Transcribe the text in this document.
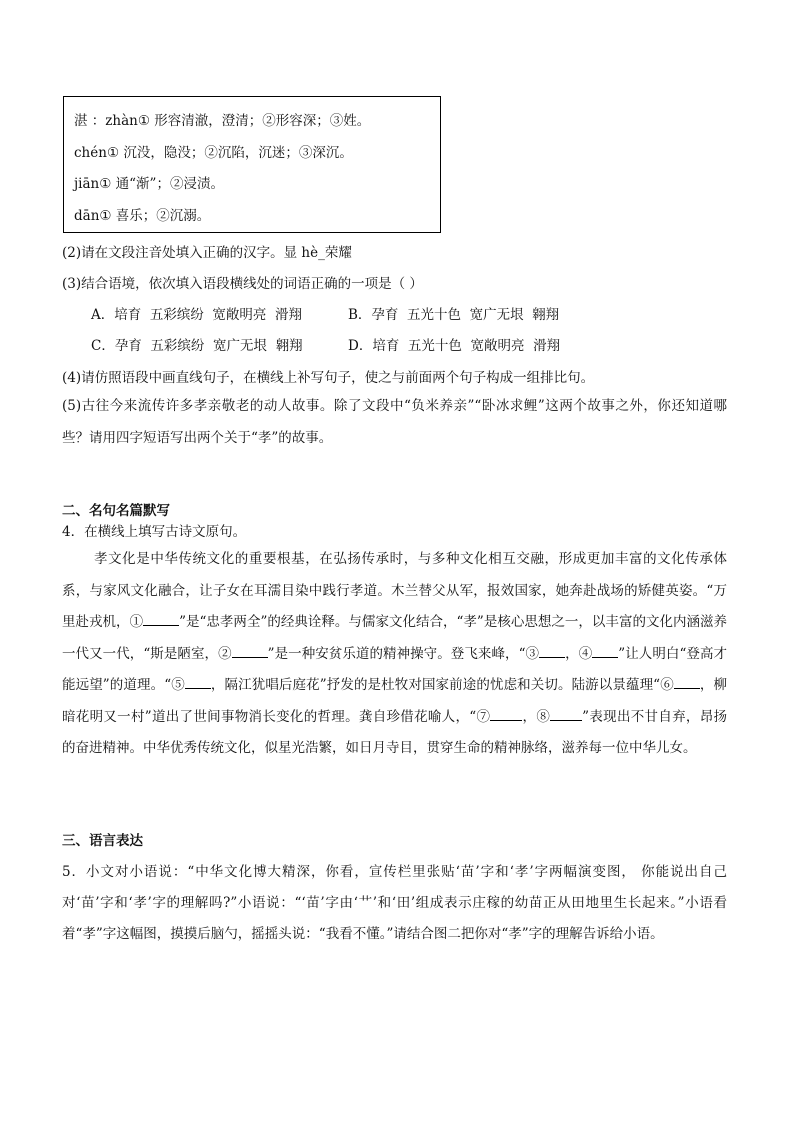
湛 ：zhàn① 形容清澈，澄清；②形容深；③姓。
chén① 沉没，隐没；②沉陷，沉迷；③深沉。
jiān① 通“渐”；②浸渍。
dān① 喜乐；②沉溺。
(2)请在文段注音处填入正确的汉字。显 hè_荣耀
(3)结合语境，依次填入语段横线处的词语正确的一项是（ ）
A．培育  五彩缤纷  宽敞明亮  滑翔	B．孕育  五光十色  宽广无垠  翱翔
C．孕育  五彩缤纷  宽广无垠  翱翔	D．培育  五光十色  宽敞明亮  滑翔
(4)请仿照语段中画直线句子，在横线上补写句子，使之与前面两个句子构成一组排比句。
(5)古往今来流传许多孝亲敬老的动人故事。除了文段中“负米养亲”“卧冰求鲤”这两个故事之外，你还知道哪些？请用四字短语写出两个关于“孝”的故事。
二、名句名篇默写
4．在横线上填写古诗文原句。
孝文化是中华传统文化的重要根基，在弘扬传承时，与多种文化相互交融，形成更加丰富的文化传承体系，与家风文化融合，让子女在耳濡目染中践行孝道。木兰替父从军，报效国家，她奔赴战场的矫健英姿。“万里赴戎机，①	”是“忠孝两全”的经典诠释。与儒家文化结合，“孝”是核心思想之一，以丰富的文化内涵滋养一代又一代，“斯是陋室，②	”是一种安贫乐道的精神操守。登飞来峰，“③ ，④ ”让人明白“登高才能远望”的道理。“⑤ ，隔江犹唱后庭花”抒发的是杜牧对国家前途的忧虑和关切。陆游以景蕴理“⑥ ，柳暗花明又一村”道出了世间事物消长变化的哲理。龚自珍借花喻人，“⑦ ，⑧ ”表现出不甘自弃，昂扬的奋进精神。中华优秀传统文化，似星光浩繁，如日月寺目，贯穿生命的精神脉络，滋养每一位中华儿女。
三、语言表达
5．小文对小语说：“中华文化博大精深，你看，宣传栏里张贴‘苗’字和‘孝’字两幅演变图， 你能说出自己对‘苗’字和‘孝’字的理解吗?”小语说：“‘苗’字由‘艹’和‘田’组成表示庄稼的幼苗正从田地里生长起来。”小语看着“孝”字这幅图，摸摸后脑勺，摇摇头说：“我看不懂。”请结合图二把你对“孝”字的理解告诉给小语。
